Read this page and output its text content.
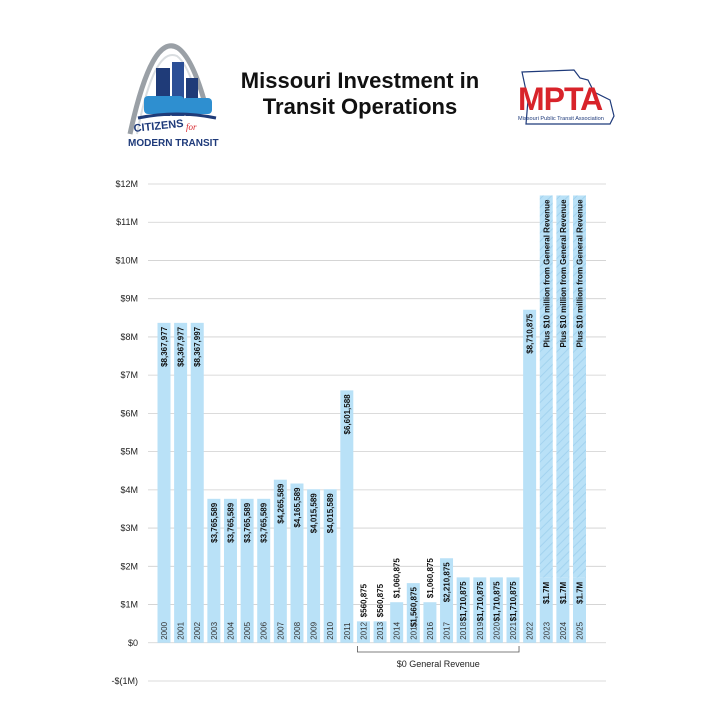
CITIZENS for
MODERN TRANSIT
Missouri Investment in Transit Operations	MPTA
Missouri Public Transit Association
$12M
$11M
$10M
$9M
$8M
$7M
$6M
$5M
$4M
$3M
$2M
$1M
$0
-$(1M)
$8,367,977
2000
$8,367,977
2001
$8,367,997
2002
$3,765,589
2003
$3,765,589
2004
$3,765,589
2005
$3,765,589
2006
$4,265,589
2007
$4,165,589
2008
$4,015,589
2009
$4,015,589
2010
$6,601,588
2011
$560,875
2012
$560,875
2013
$1,060,875
2014
$1,560,875
2015
$1,060,875
2016
$2,210,875
2017
$1,710,875
2018
$1,710,875
2019
$1,710,875
2020
$1,710,875
2021
$8,710,875
2022
Plus $10 million from General Revenue
$1.7M
2023
Plus $10 million from General Revenue
$1.7M
2024
Plus $10 million from General Revenue
$1.7M
2025
$0 General Revenue
